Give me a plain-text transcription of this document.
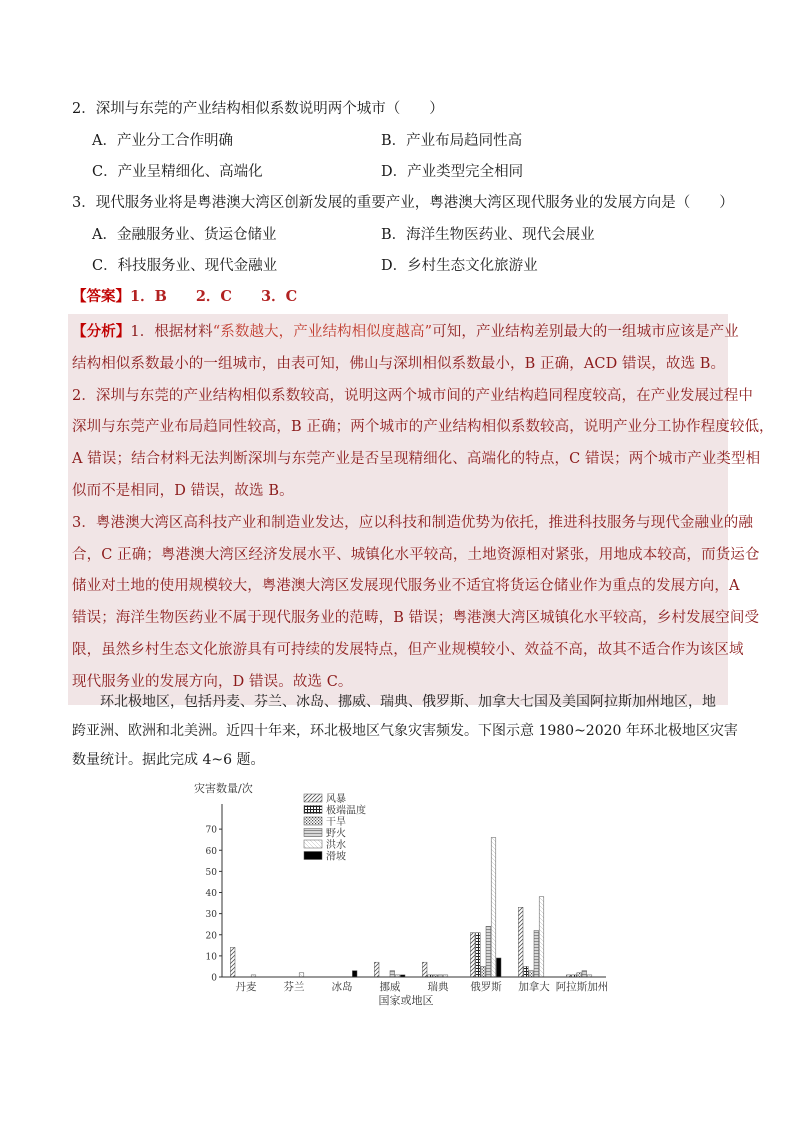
2．深圳与东莞的产业结构相似系数说明两个城市（　　）
A．产业分工合作明确	B．产业布局趋同性高
C．产业呈精细化、高端化	D．产业类型完全相同
3．现代服务业将是粤港澳大湾区创新发展的重要产业，粤港澳大湾区现代服务业的发展方向是（　　）
A．金融服务业、货运仓储业	B．海洋生物医药业、现代会展业
C．科技服务业、现代金融业	D．乡村生态文化旅游业
【答案】1．B　　2．C　　3．C
【分析】1．根据材料“系数越大，产业结构相似度越高”可知，产业结构差别最大的一组城市应该是产业
结构相似系数最小的一组城市，由表可知，佛山与深圳相似系数最小，B 正确，ACD 错误，故选 B。
2．深圳与东莞的产业结构相似系数较高，说明这两个城市间的产业结构趋同程度较高，在产业发展过程中
深圳与东莞产业布局趋同性较高，B 正确；两个城市的产业结构相似系数较高，说明产业分工协作程度较低，
A 错误；结合材料无法判断深圳与东莞产业是否呈现精细化、高端化的特点，C 错误；两个城市产业类型相
似而不是相同，D 错误，故选 B。
3．粤港澳大湾区高科技产业和制造业发达，应以科技和制造优势为依托，推进科技服务与现代金融业的融
合，C 正确；粤港澳大湾区经济发展水平、城镇化水平较高，土地资源相对紧张，用地成本较高，而货运仓
储业对土地的使用规模较大，粤港澳大湾区发展现代服务业不适宜将货运仓储业作为重点的发展方向，A
错误；海洋生物医药业不属于现代服务业的范畴，B 错误；粤港澳大湾区城镇化水平较高，乡村发展空间受
限，虽然乡村生态文化旅游具有可持续的发展特点，但产业规模较小、效益不高，故其不适合作为该区域
现代服务业的发展方向，D 错误。故选 C。
　　环北极地区，包括丹麦、芬兰、冰岛、挪威、瑞典、俄罗斯、加拿大七国及美国阿拉斯加州地区，地
跨亚洲、欧洲和北美洲。近四十年来，环北极地区气象灾害频发。下图示意 1980~2020 年环北极地区灾害
数量统计。据此完成 4~6 题。
灾害数量/次
0
10
20
30
40
50
60
70
风暴
极端温度
干旱
野火
洪水
滑坡
丹麦	芬兰	冰岛	挪威	瑞典 俄罗斯 加拿大 阿拉斯加州
国家或地区
